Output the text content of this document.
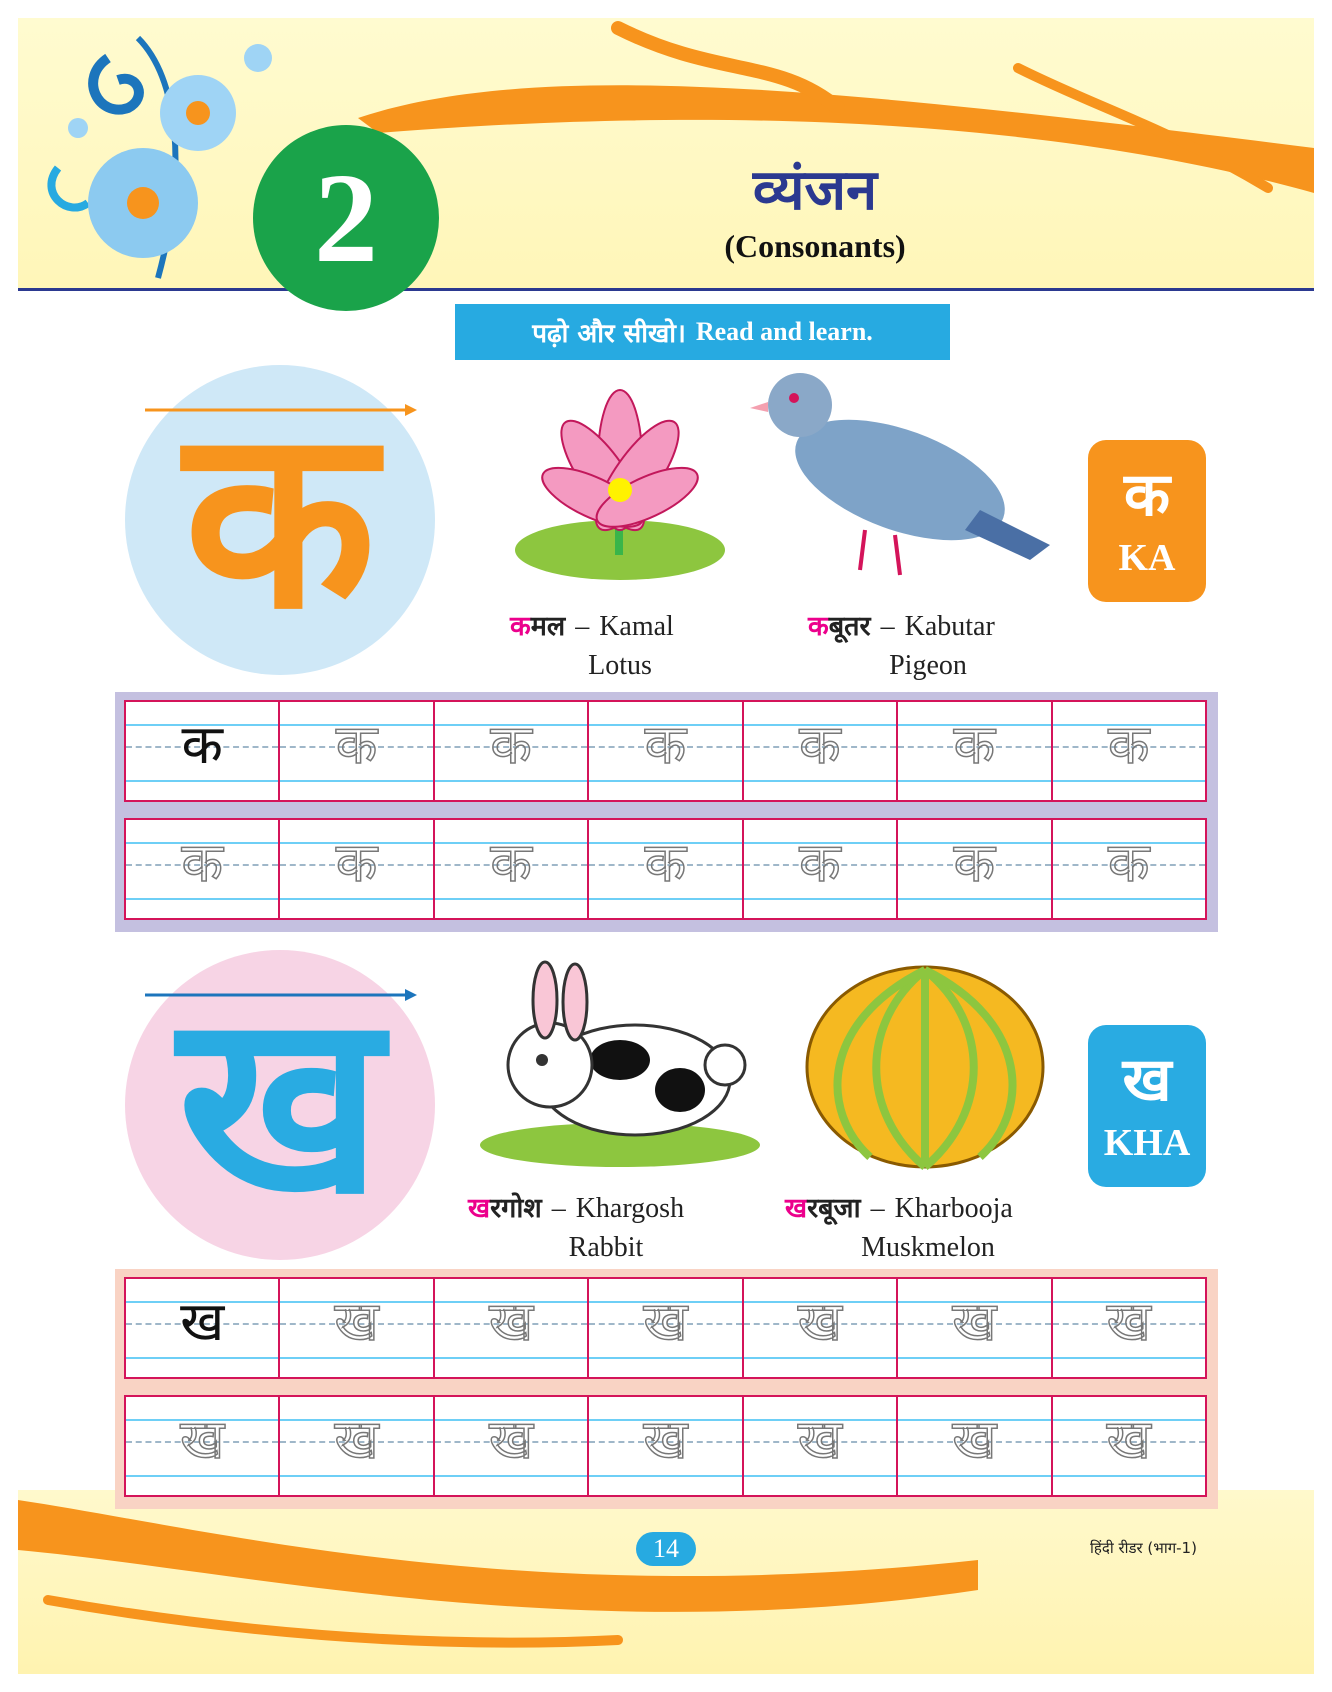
2	व्यंजन
(Consonants)
पढ़ो और सीखो। Read and learn.
क	कमल – Kamal
Lotus
कबूतर – Kabutar
Pigeon
क
KA
क	क	क	क	क	क	क
क	क	क	क	क	क	क
ख	खरगोश – Khargosh
Rabbit
खरबूजा – Kharbooja
Muskmelon
ख
KHA
ख	ख	ख	ख	ख	ख	ख
ख	ख	ख	ख	ख	ख	ख
14	हिंदी रीडर (भाग-1)
